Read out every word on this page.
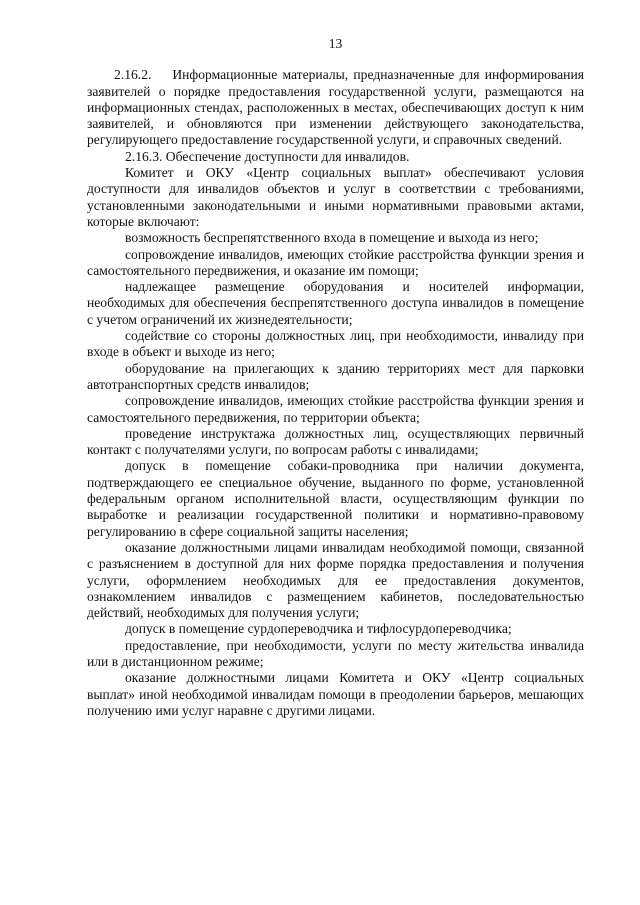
13

2.16.2.    Информационные материалы, предназначенные для информирования заявителей о порядке предоставления государственной услуги, размещаются на информационных стендах, расположенных в местах, обеспечивающих доступ к ним заявителей, и обновляются при изменении действующего законодательства, регулирующего предоставление государственной услуги, и справочных сведений.

2.16.3. Обеспечение доступности для инвалидов.

Комитет и ОКУ «Центр социальных выплат» обеспечивают условия доступности для инвалидов объектов и услуг в соответствии с требованиями, установленными законодательными и иными нормативными правовыми актами, которые включают:

возможность беспрепятственного входа в помещение и выхода из него;

сопровождение инвалидов, имеющих стойкие расстройства функции зрения и самостоятельного передвижения, и оказание им помощи;

надлежащее размещение оборудования и носителей информации, необходимых для обеспечения беспрепятственного доступа инвалидов в помещение с учетом ограничений их жизнедеятельности;

содействие со стороны должностных лиц, при необходимости, инвалиду при входе в объект и выходе из него;

оборудование на прилегающих к зданию территориях мест для парковки автотранспортных средств инвалидов;

сопровождение инвалидов, имеющих стойкие расстройства функции зрения и самостоятельного передвижения, по территории объекта;

проведение инструктажа должностных лиц, осуществляющих первичный контакт с получателями услуги, по вопросам работы с инвалидами;

допуск в помещение собаки-проводника при наличии документа, подтверждающего ее специальное обучение, выданного по форме, установленной федеральным органом исполнительной власти, осуществляющим функции по выработке и реализации государственной политики и нормативно-правовому регулированию в сфере социальной защиты населения;

оказание должностными лицами инвалидам необходимой помощи, связанной с разъяснением в доступной для них форме порядка предоставления и получения услуги, оформлением необходимых для ее предоставления документов, ознакомлением инвалидов с размещением кабинетов, последовательностью действий, необходимых для получения услуги;

допуск в помещение сурдопереводчика и тифлосурдопереводчика;

предоставление, при необходимости, услуги по месту жительства инвалида или в дистанционном режиме;

оказание должностными лицами Комитета и ОКУ «Центр социальных выплат» иной необходимой инвалидам помощи в преодолении барьеров, мешающих получению ими услуг наравне с другими лицами.
